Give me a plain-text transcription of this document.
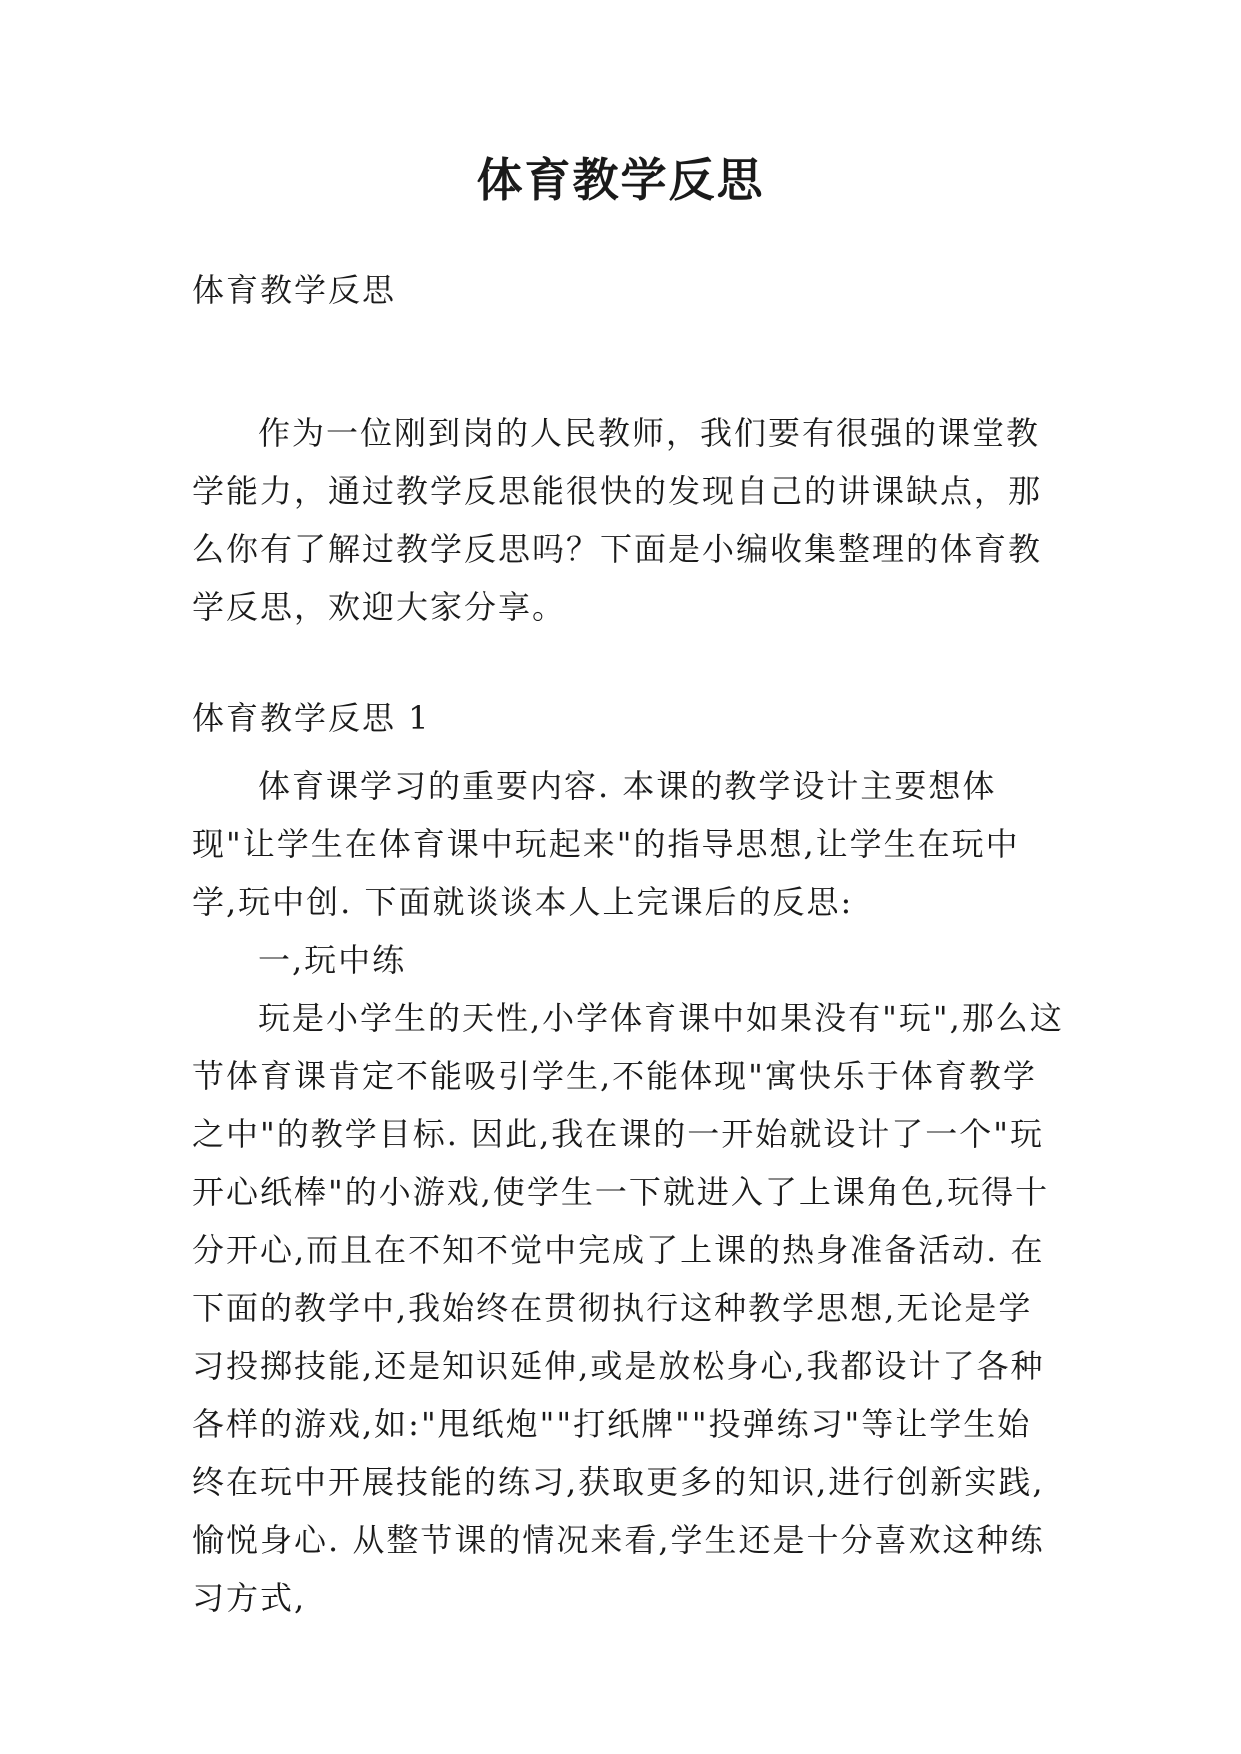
体育教学反思
体育教学反思

作为一位刚到岗的人民教师，我们要有很强的课堂教学能力，通过教学反思能很快的发现自己的讲课缺点，那么你有了解过教学反思吗？下面是小编收集整理的体育教学反思，欢迎大家分享。

体育教学反思 1

体育课学习的重要内容. 本课的教学设计主要想体现"让学生在体育课中玩起来"的指导思想,让学生在玩中学,玩中创. 下面就谈谈本人上完课后的反思:

一,玩中练

玩是小学生的天性,小学体育课中如果没有"玩",那么这节体育课肯定不能吸引学生,不能体现"寓快乐于体育教学之中"的教学目标. 因此,我在课的一开始就设计了一个"玩开心纸棒"的小游戏,使学生一下就进入了上课角色,玩得十分开心,而且在不知不觉中完成了上课的热身准备活动. 在下面的教学中,我始终在贯彻执行这种教学思想,无论是学习投掷技能,还是知识延伸,或是放松身心,我都设计了各种各样的游戏,如:"甩纸炮""打纸牌""投弹练习"等让学生始终在玩中开展技能的练习,获取更多的知识,进行创新实践,愉悦身心. 从整节课的情况来看,学生还是十分喜欢这种练习方式,
